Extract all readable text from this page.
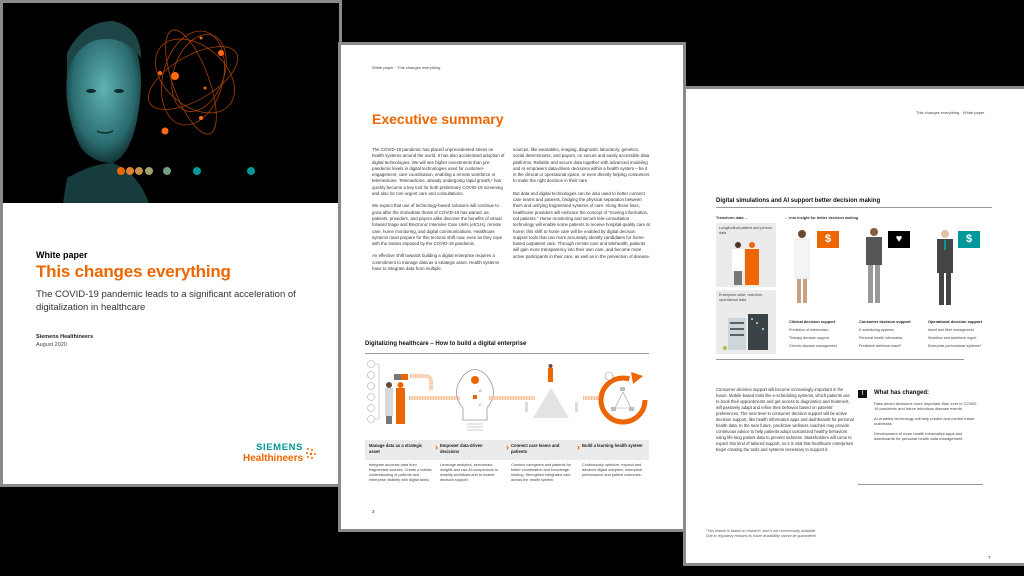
White paper
This changes everything
The COVID-19 pandemic leads to a significant acceleration of digitalization in healthcare
Siemens Healthineers
August 2020
SIEMENS
Healthineers
White paper · This changes everything
Executive summary

The COVID-19 pandemic has placed unprecedented stress on health systems around the world. It has also accelerated adoption of digital technologies. We will see higher investments than pre-pandemic levels in digital technologies used for customer-engagement, care coordination, enabling a remote workforce or telemedicine. Telemedicine, already undergoing rapid growth,¹ has quickly become a key tool for both preliminary COVID-19 screening and also for non-urgent care and consultations.

We expect that use of technology-based solutions will continue to grow after the immediate threat of COVID-19 has waned, as patients, providers, and payors alike discover the benefits of virtual forward triage and Electronic Intensive Care Units (eICUs), remote care, home monitoring, and digital communications. Healthcare systems must prepare for this tectonic shift now, even as they cope with the strains imposed by the COVID-19 pandemic.

An effective shift towards building a digital enterprise requires a commitment to manage data as a strategic asset. Health systems have to integrate data from multiple

sources, like wearables, imaging, diagnostic laboratory, genetics, social determinants, and payors, on secure and easily accessible data platforms. Reliable and secure data together with advanced modeling and AI empowers data-driven decisions within a health system – be it in the clinical or operational space, or even directly helping consumers to make the right decision in their care.

But data and digital technologies can be also used to better connect care teams and patients, bridging the physical separation between them and unifying fragmented systems of care. Along these lines, healthcare providers will embrace the concept of “moving information, not patients.” Home monitoring and secure tele-consultation technology will enable some patients to receive hospital-quality care at home; this shift to home care will be enabled by digital decision support tools that can more accurately identify candidates for home-based outpatient care. Through remote care and telehealth, patients will gain more transparency into their own care, and become more active participants in their care, as well as in the prevention of disease.

Digitalizing healthcare – How to build a digital enterprise
A
C
Manage data as a strategic asset	› Empower data-driven decisions	› Connect care teams and patients	› Build a learning health system
Integrate accurate data from fragmented sources. Create a holistic understanding of patients and enterprise visibility with digital twins.
Leverage analytics, benchmark insights and use AI-companions to simplify workflows and to enable decision support.
Connect caregivers and patients for better coordination and knowledge sharing. Strengthen integrated care across the health system.
Continuously optimize, expand and advance digital adoption, enterprise performance and patient outcomes.
2
This changes everything · White paper
Digital simulations and AI support better decision making
Transform data ...	... into insight for better decision making
Longitudinal patient and person data
Enterprise-wide, real-time, operational data
$	♥	$
Clinical decision support
Prediction of intervention
Therapy decision support
Chronic disease management
Consumer decision support
E-scheduling systems
Personal health informatics
Predictive wellness coach¹
Operational decision support
Asset and fleet management
Workflow and workforce mgmt.
Enterprise performance systems¹
Consumer decision support will become increasingly important in the future. Mobile-based tools like e-scheduling systems, which patients use to book their appointments and get access to diagnostics and treatment, will passively adapt and refine their behavior based on patients’ preferences. The next level in consumer decision support will be active decision support, like health informatics apps and dashboards for personal health data. In the near future, predictive wellness coaches may provide continuous advice to help patients adopt customized healthy behaviors using life-long patient data to prevent sickness. Stakeholders will come to expect this kind of tailored support, so it is vital that healthcare enterprises begin creating the tools and systems necessary to support it.
!	What has changed:
Data-driven decisions more important than ever in COVID-19 pandemic and future infectious disease events
AI-enabled technology will help predict and control future outbreaks
Development of more health informatics apps and dashboards for personal health data management
¹This feature is based on research, and is not commercially available.
Due to regulatory reasons its future availability cannot be guaranteed
7
